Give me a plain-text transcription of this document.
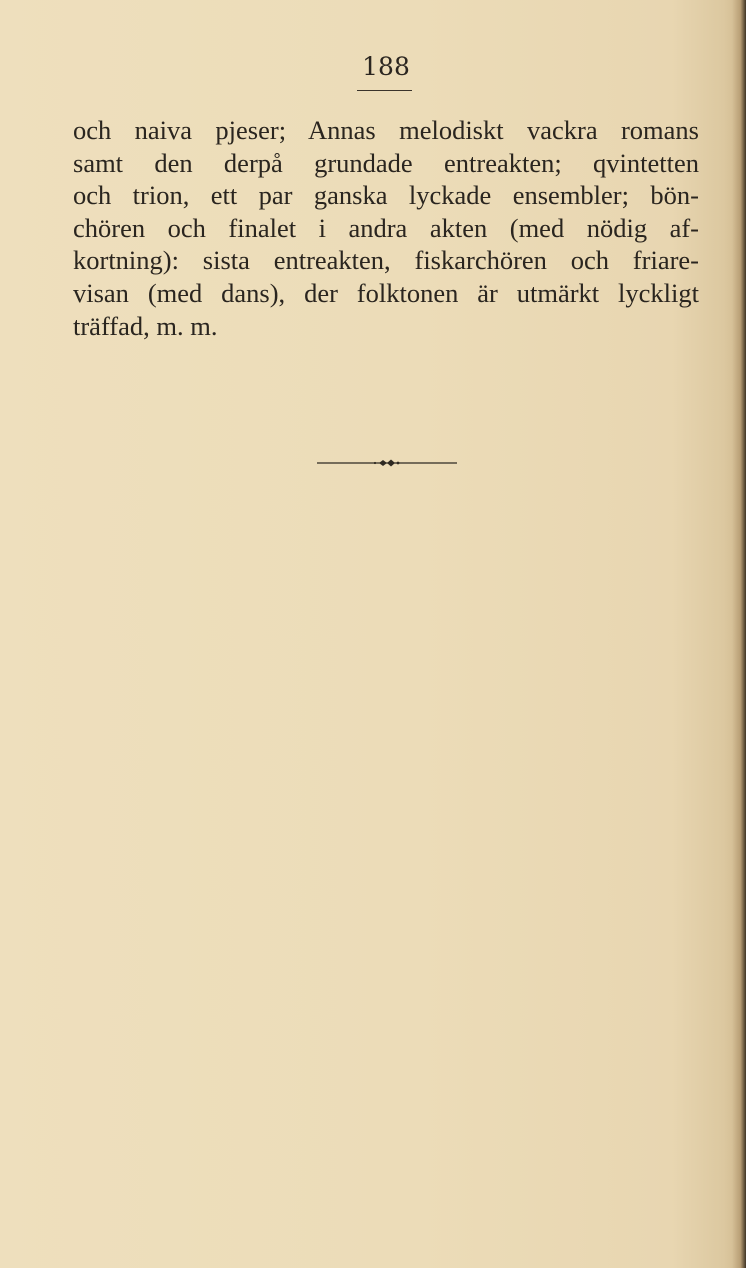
188
och naiva pjeser; Annas melodiskt vackra romans
samt den derpå grundade entreakten; qvintetten
och trion, ett par ganska lyckade ensembler; bön-
chören och finalet i andra akten (med nödig af-
kortning): sista entreakten, fiskarchören och friare-
visan (med dans), der folktonen är utmärkt lyckligt
träffad, m. m.
